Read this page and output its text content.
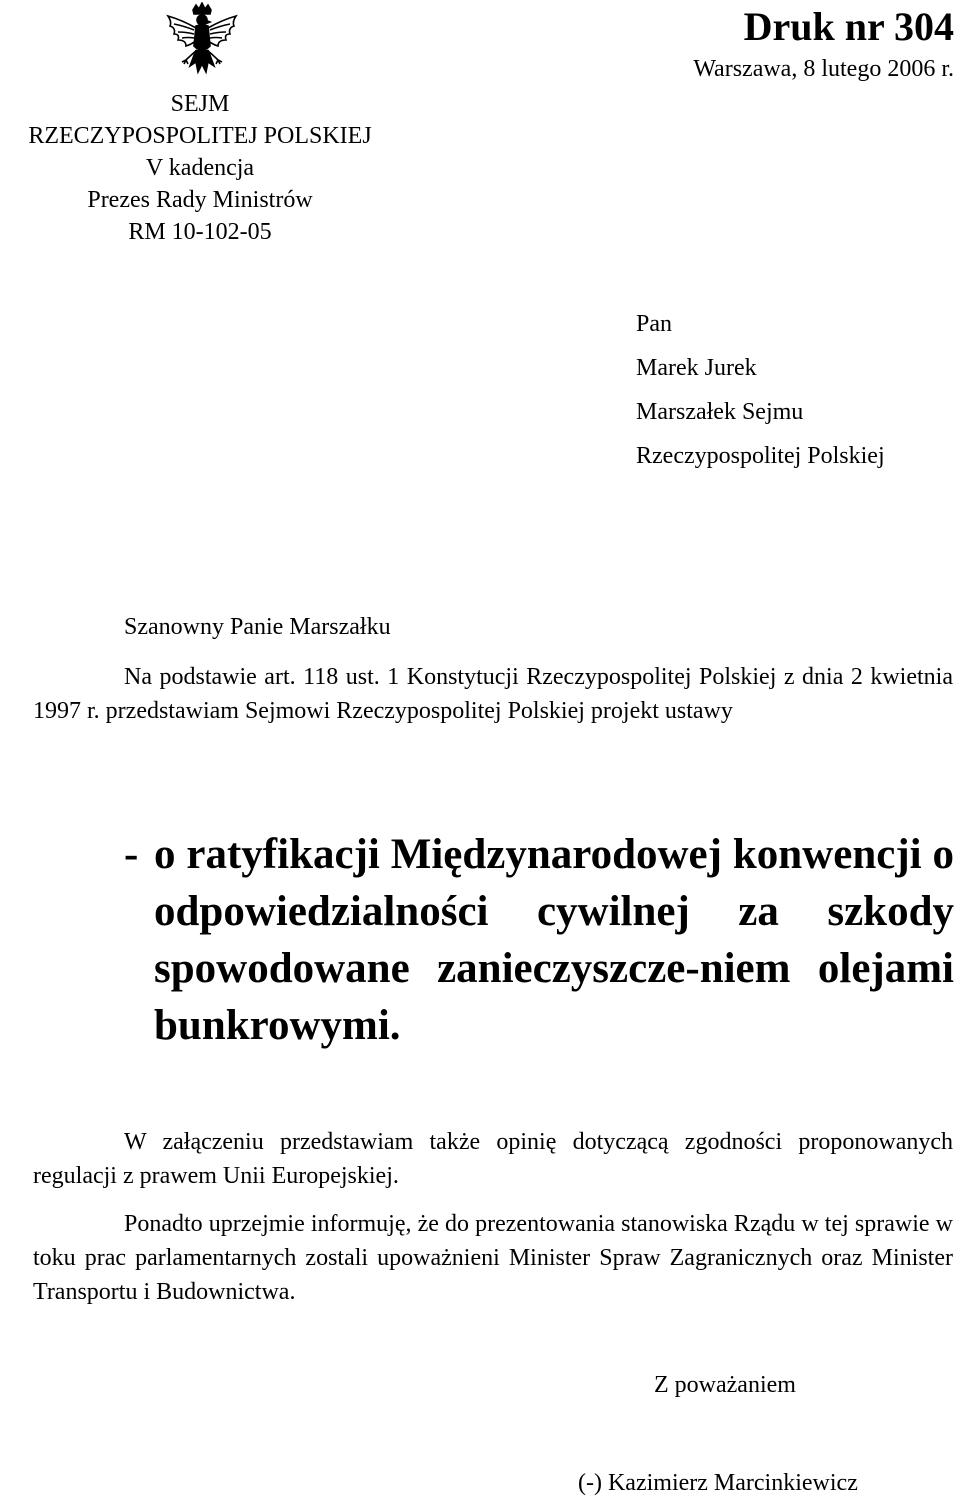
SEJM
RZECZYPOSPOLITEJ POLSKIEJ
V kadencja
Prezes Rady Ministrów
RM 10-102-05
Druk nr 304
Warszawa, 8 lutego 2006 r.
Pan
Marek Jurek
Marszałek Sejmu
Rzeczypospolitej Polskiej
Szanowny Panie Marszałku
Na podstawie art. 118 ust. 1 Konstytucji Rzeczypospolitej Polskiej z dnia 2 kwietnia 1997 r. przedstawiam Sejmowi Rzeczypospolitej Polskiej projekt ustawy
- o ratyfikacji Międzynarodowej konwencji o odpowiedzialności cywilnej za szkody spowodowane zanieczyszcze-niem olejami bunkrowymi.
W załączeniu przedstawiam także opinię dotyczącą zgodności proponowanych regulacji z prawem Unii Europejskiej.
Ponadto uprzejmie informuję, że do prezentowania stanowiska Rządu w tej sprawie w toku prac parlamentarnych zostali upoważnieni Minister Spraw Zagranicznych oraz Minister Transportu i Budownictwa.
Z poważaniem
(-) Kazimierz Marcinkiewicz
